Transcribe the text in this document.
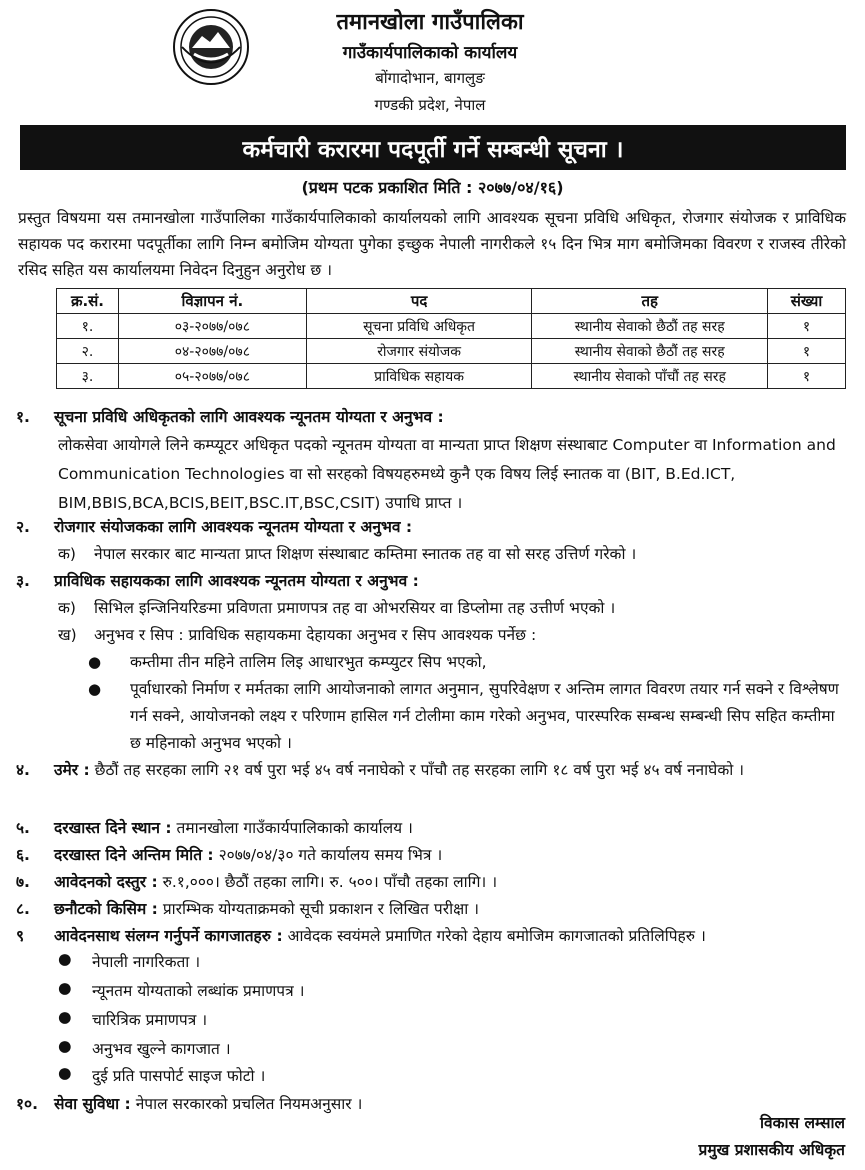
तमानखोला गाउँपालिका
गाउँकार्यपालिकाको कार्यालय
बोंगादोभान, बागलुङ
गण्डकी प्रदेश, नेपाल
कर्मचारी करारमा पदपूर्ती गर्ने सम्बन्धी सूचना ।
(प्रथम पटक प्रकाशित मिति : २०७७/०४/१६)
प्रस्तुत विषयमा यस तमानखोला गाउँपालिका गाउँकार्यपालिकाको कार्यालयको लागि आवश्यक सूचना प्रविधि अधिकृत, रोजगार संयोजक र प्राविधिक सहायक पद करारमा पदपूर्तीका लागि निम्न बमोजिम योग्यता पुगेका इच्छुक नेपाली नागरीकले १५ दिन भित्र माग बमोजिमका विवरण र राजस्व तीरेको रसिद सहित यस कार्यालयमा निवेदन दिनुहुन अनुरोध छ ।
क्र.सं.	विज्ञापन नं.	पद	तह	संख्या
१.	०३-२०७७/०७८	सूचना प्रविधि अधिकृत	स्थानीय सेवाको छैठौं तह सरह	१
२.	०४-२०७७/०७८	रोजगार संयोजक	स्थानीय सेवाको छैठौं तह सरह	१
३.	०५-२०७७/०७८	प्राविधिक सहायक	स्थानीय सेवाको पाँचौं तह सरह	१
१. सूचना प्रविधि अधिकृतको लागि आवश्यक न्यूनतम योग्यता र अनुभव :
लोकसेवा आयोगले लिने कम्प्यूटर अधिकृत पदको न्यूनतम योग्यता वा मान्यता प्राप्त शिक्षण संस्थाबाट Computer वा Information and Communication Technologies वा सो सरहको विषयहरुमध्ये कुनै एक विषय लिई स्नातक वा (BIT, B.Ed.ICT, BIM,BBIS,BCA,BCIS,BEIT,BSC.IT,BSC,CSIT) उपाधि प्राप्त ।
२. रोजगार संयोजकका लागि आवश्यक न्यूनतम योग्यता र अनुभव :
क)	नेपाल सरकार बाट मान्यता प्राप्त शिक्षण संस्थाबाट कम्तिमा स्नातक तह वा सो सरह उत्तिर्ण गरेको ।
३. प्राविधिक सहायकका लागि आवश्यक न्यूनतम योग्यता र अनुभव :
क)	सिभिल इन्जिनियरिङमा प्रविणता प्रमाणपत्र तह वा ओभरसियर वा डिप्लोमा तह उत्तीर्ण भएको ।
ख)	अनुभव र सिप : प्राविधिक सहायकमा देहायका अनुभव र सिप आवश्यक पर्नेछ :
●	कम्तीमा तीन महिने तालिम लिइ आधारभुत कम्प्युटर सिप भएको,
●	पूर्वाधारको निर्माण र मर्मतका लागि आयोजनाको लागत अनुमान, सुपरिवेक्षण र अन्तिम लागत विवरण तयार गर्न सक्ने र विश्लेषण गर्न सक्ने, आयोजनको लक्ष्य र परिणाम हासिल गर्न टोलीमा काम गरेको अनुभव, पारस्परिक सम्बन्ध सम्बन्धी सिप सहित कम्तीमा छ महिनाको अनुभव भएको ।
४. उमेर : छैठौं तह सरहका लागि २१ वर्ष पुरा भई ४५ वर्ष ननाघेको र पाँचौ तह सरहका लागि १८ वर्ष पुरा भई ४५ वर्ष ननाघेको ।
५. दरखास्त दिने स्थान : तमानखोला गाउँकार्यपालिकाको कार्यालय ।
६. दरखास्त दिने अन्तिम मिति : २०७७/०४/३० गते कार्यालय समय भित्र ।
७. आवेदनको दस्तुर : रु.१,०००। छैठौं तहका लागि। रु. ५००। पाँचौ तहका लागि। ।
८. छनौटको किसिम : प्रारम्भिक योग्यताक्रमको सूची प्रकाशन र लिखित परीक्षा ।
९ आवेदनसाथ संलग्न गर्नुपर्ने कागजातहरु : आवेदक स्वयंमले प्रमाणित गरेको देहाय बमोजिम कागजातको प्रतिलिपिहरु ।
●	नेपाली नागरिकता ।
●	न्यूनतम योग्यताको लब्धांक प्रमाणपत्र ।
●	चारित्रिक प्रमाणपत्र ।
●	अनुभव खुल्ने कागजात ।
●	दुई प्रति पासपोर्ट साइज फोटो ।
१०. सेवा सुविधा : नेपाल सरकारको प्रचलित नियमअनुसार ।
विकास लम्साल
प्रमुख प्रशासकीय अधिकृत
